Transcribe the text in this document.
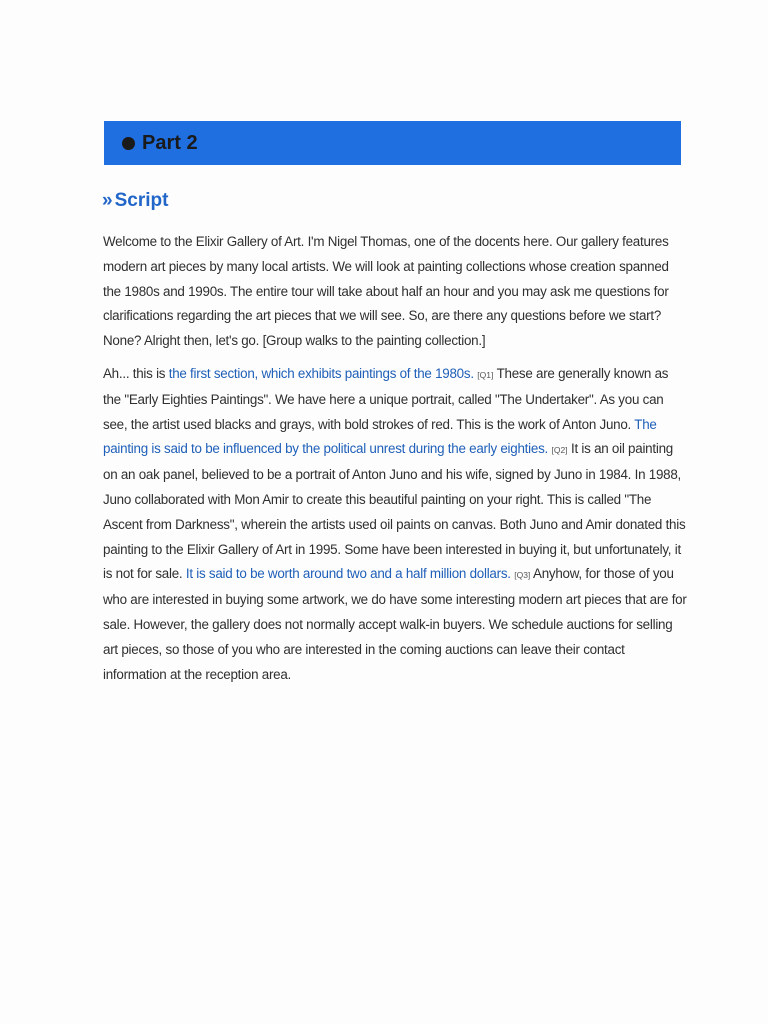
Part 2
» Script

Welcome to the Elixir Gallery of Art. I'm Nigel Thomas, one of the docents here. Our gallery features modern art pieces by many local artists. We will look at painting collections whose creation spanned the 1980s and 1990s. The entire tour will take about half an hour and you may ask me questions for clarifications regarding the art pieces that we will see. So, are there any questions before we start? None? Alright then, let's go. [Group walks to the painting collection.]

Ah... this is the first section, which exhibits paintings of the 1980s. [Q1] These are generally known as the "Early Eighties Paintings". We have here a unique portrait, called "The Undertaker". As you can see, the artist used blacks and grays, with bold strokes of red. This is the work of Anton Juno. The painting is said to be influenced by the political unrest during the early eighties. [Q2] It is an oil painting on an oak panel, believed to be a portrait of Anton Juno and his wife, signed by Juno in 1984. In 1988, Juno collaborated with Mon Amir to create this beautiful painting on your right. This is called "The Ascent from Darkness", wherein the artists used oil paints on canvas. Both Juno and Amir donated this painting to the Elixir Gallery of Art in 1995. Some have been interested in buying it, but unfortunately, it is not for sale. It is said to be worth around two and a half million dollars. [Q3] Anyhow, for those of you who are interested in buying some artwork, we do have some interesting modern art pieces that are for sale. However, the gallery does not normally accept walk-in buyers. We schedule auctions for selling art pieces, so those of you who are interested in the coming auctions can leave their contact information at the reception area.
